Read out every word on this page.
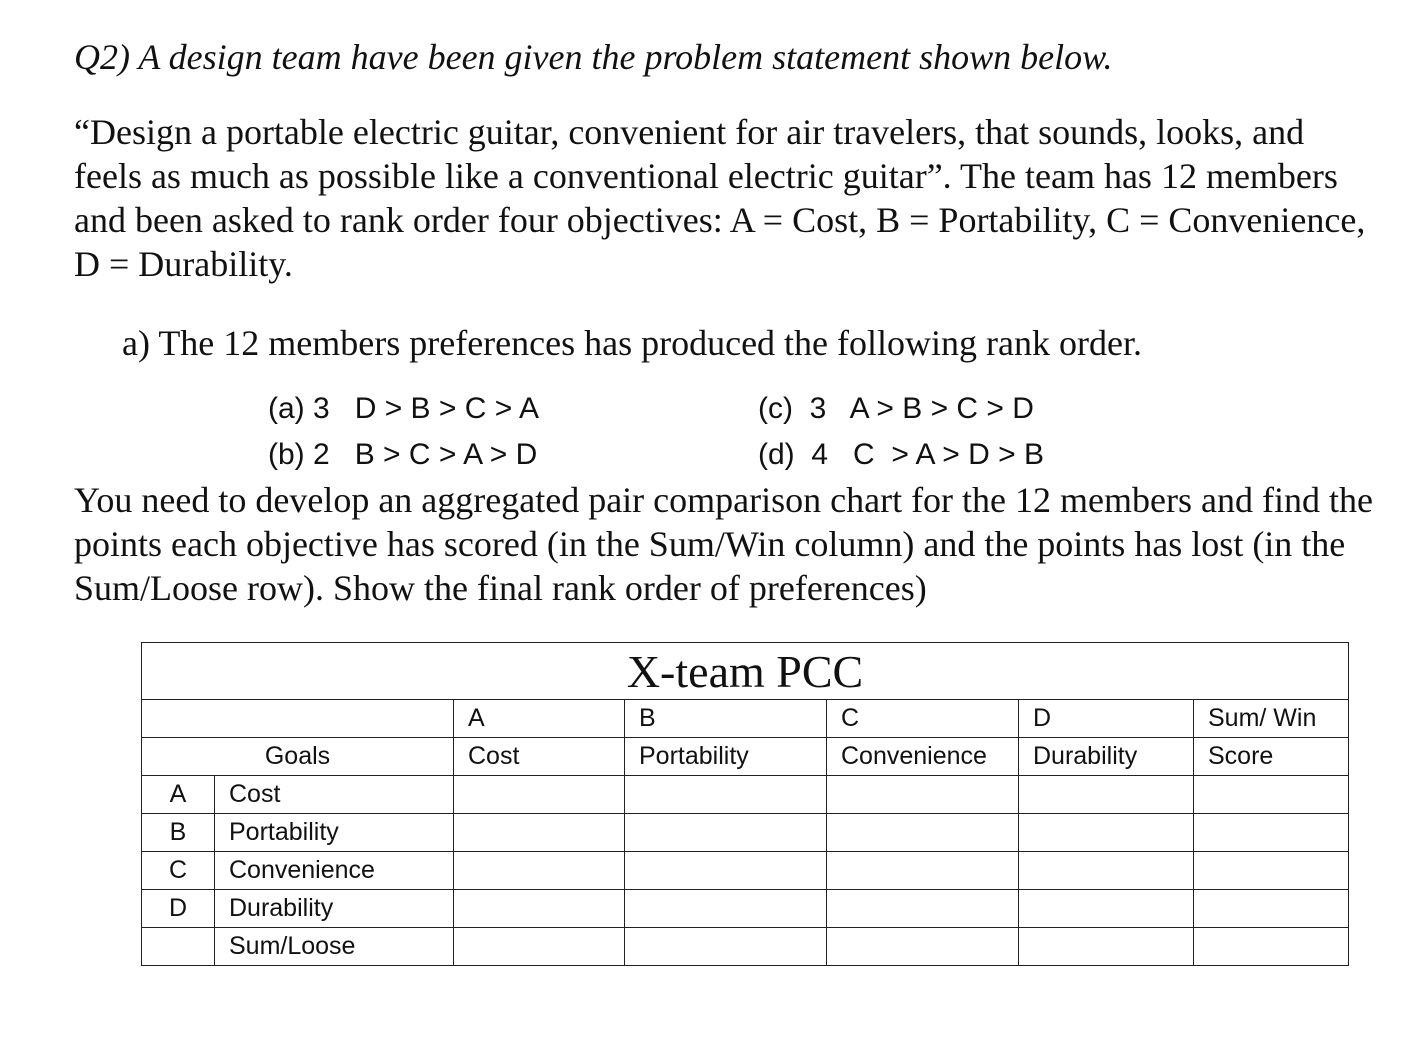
Q2) A design team have been given the problem statement shown below.
“Design a portable electric guitar, convenient for air travelers, that sounds, looks, and feels as much as possible like a conventional electric guitar”. The team has 12 members and been asked to rank order four objectives: A = Cost, B = Portability, C = Convenience, D = Durability.
a) The 12 members preferences has produced the following rank order.
(a) 3   D > B > C > A
(b) 2   B > C > A > D
(c)  3   A > B > C > D
(d)  4   C  > A > D > B
You need to develop an aggregated pair comparison chart for the 12 members and find the points each objective has scored (in the Sum/Win column) and the points has lost (in the Sum/Loose row). Show the final rank order of preferences)
X-team PCC						
		A	B	C	D	Sum/ Win
Goals		Cost	Portability	Convenience	Durability	Score
A	Cost					
B	Portability					
C	Convenience					
D	Durability					
	Sum/Loose					
